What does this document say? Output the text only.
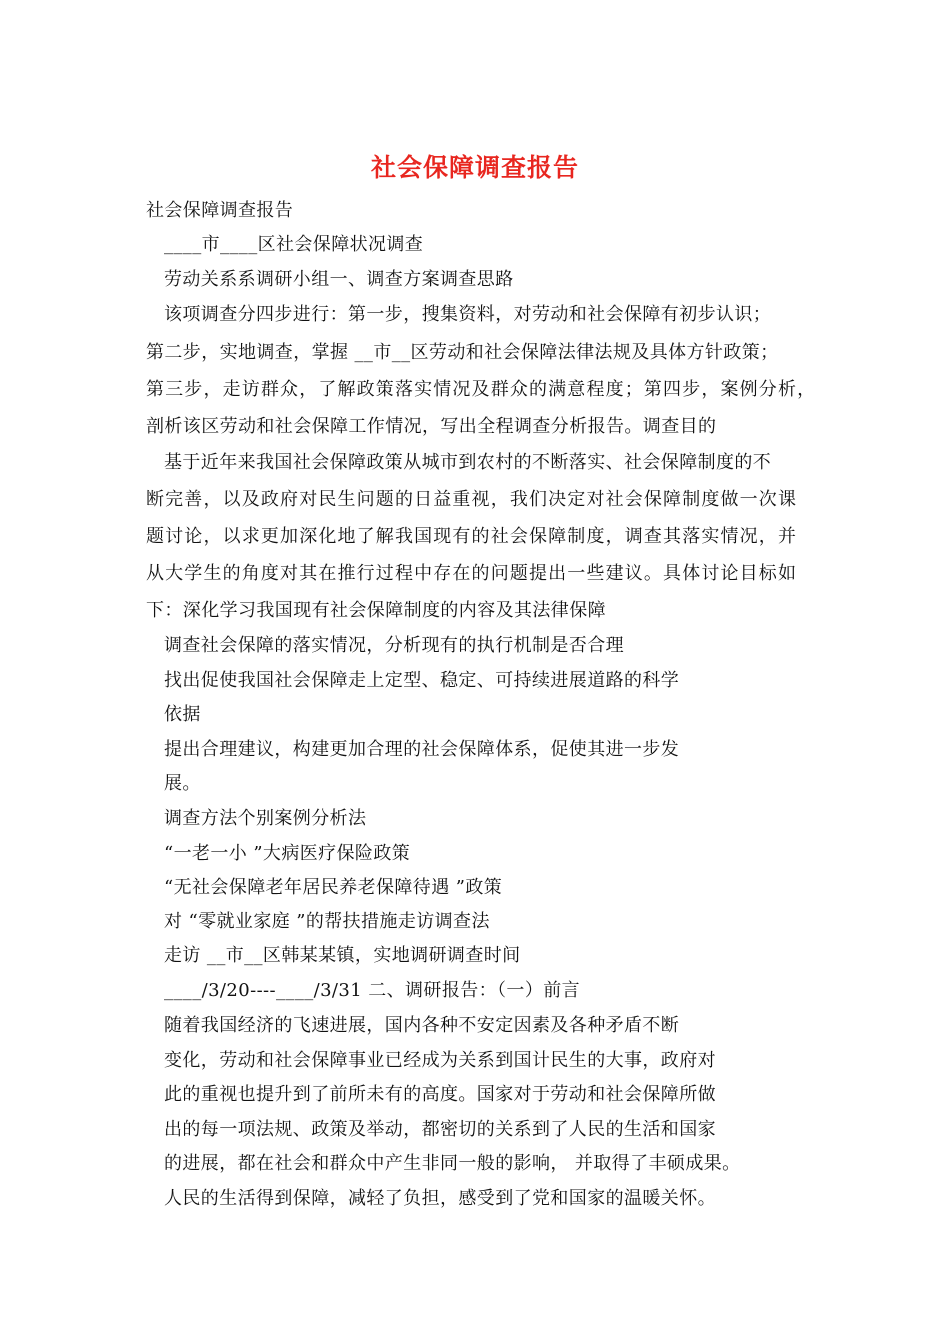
社会保障调查报告
社会保障调查报告
____市____区社会保障状况调查
劳动关系系调研小组一、调查方案调查思路
该项调查分四步进行：第一步，搜集资料，对劳动和社会保障有初步认识；
第二步，实地调查，掌握 __市__区劳动和社会保障法律法规及具体方针政策；
第三步，走访群众，了解政策落实情况及群众的满意程度；第四步，案例分析，
剖析该区劳动和社会保障工作情况，写出全程调查分析报告。调查目的
基于近年来我国社会保障政策从城市到农村的不断落实、社会保障制度的不
断完善，以及政府对民生问题的日益重视，我们决定对社会保障制度做一次课
题讨论，以求更加深化地了解我国现有的社会保障制度，调查其落实情况，并
从大学生的角度对其在推行过程中存在的问题提出一些建议。具体讨论目标如
下：深化学习我国现有社会保障制度的内容及其法律保障
调查社会保障的落实情况，分析现有的执行机制是否合理
找出促使我国社会保障走上定型、稳定、可持续进展道路的科学
依据
提出合理建议，构建更加合理的社会保障体系，促使其进一步发
展。
调查方法个别案例分析法
“一老一小 ”大病医疗保险政策
“无社会保障老年居民养老保障待遇 ”政策
对 “零就业家庭 ”的帮扶措施走访调查法
走访 __市__区韩某某镇，实地调研调查时间
____/3/20----____/3/31 二、调研报告：（一）前言
随着我国经济的飞速进展，国内各种不安定因素及各种矛盾不断
变化，劳动和社会保障事业已经成为关系到国计民生的大事，政府对
此的重视也提升到了前所未有的高度。国家对于劳动和社会保障所做
出的每一项法规、政策及举动，都密切的关系到了人民的生活和国家
的进展，都在社会和群众中产生非同一般的影响， 并取得了丰硕成果。
人民的生活得到保障，减轻了负担，感受到了党和国家的温暖关怀。
